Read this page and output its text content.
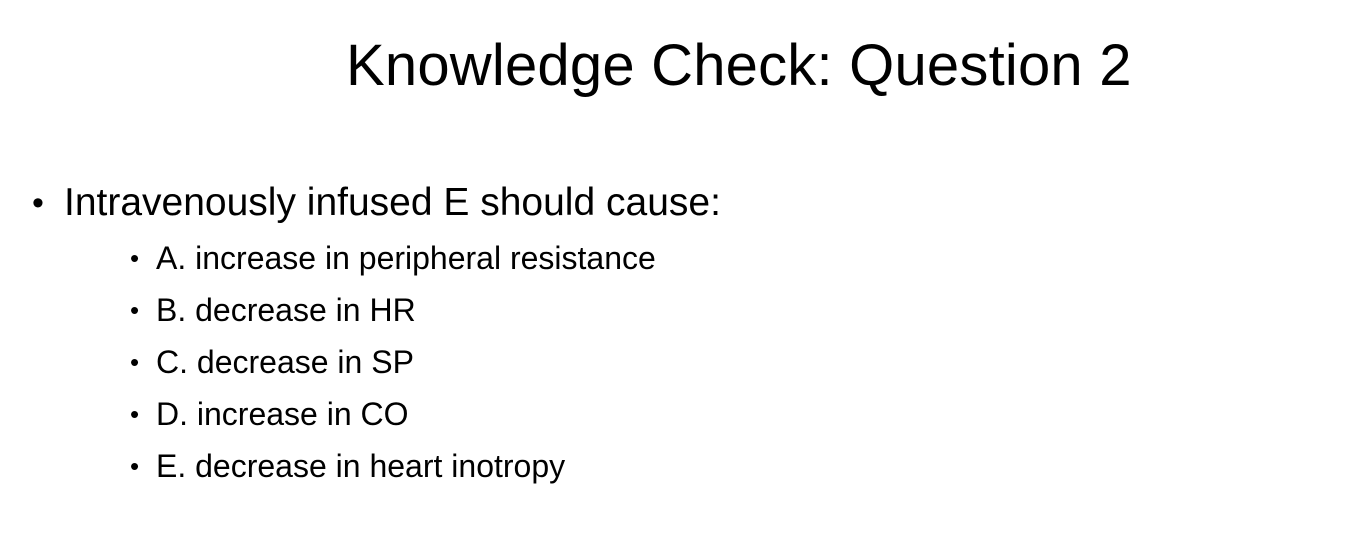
Knowledge Check: Question 2
• Intravenously infused E should cause:
• A. increase in peripheral resistance
• B. decrease in HR
• C. decrease in SP
• D. increase in CO
• E. decrease in heart inotropy
